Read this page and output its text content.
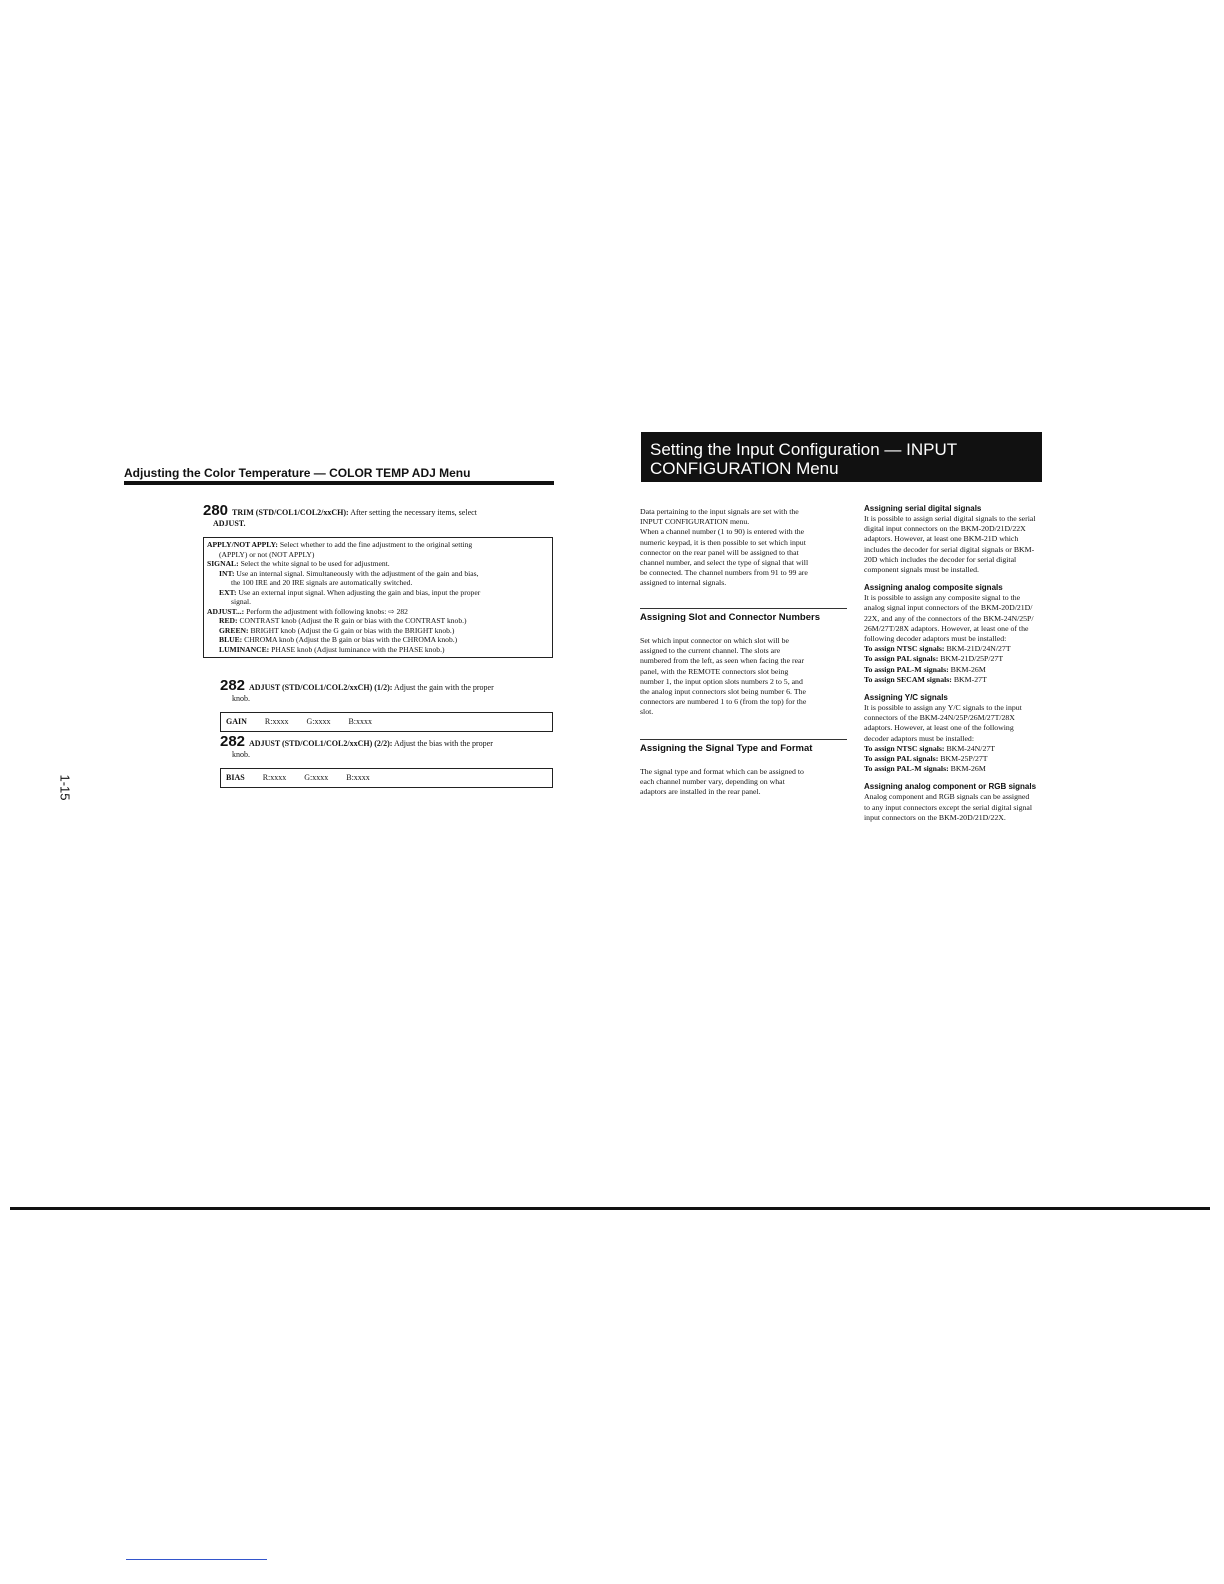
Adjusting the Color Temperature — COLOR TEMP ADJ Menu
280 TRIM (STD/COL1/COL2/xxCH): After setting the necessary items, select
ADJUST.
APPLY/NOT APPLY: Select whether to add the fine adjustment to the original setting
(APPLY) or not (NOT APPLY)
SIGNAL: Select the white signal to be used for adjustment.
INT: Use an internal signal. Simultaneously with the adjustment of the gain and bias,
the 100 IRE and 20 IRE signals are automatically switched.
EXT: Use an external input signal. When adjusting the gain and bias, input the proper
signal.
ADJUST...: Perform the adjustment with following knobs: ⇨ 282
RED: CONTRAST knob (Adjust the R gain or bias with the CONTRAST knob.)
GREEN: BRIGHT knob (Adjust the G gain or bias with the BRIGHT knob.)
BLUE: CHROMA knob (Adjust the B gain or bias with the CHROMA knob.)
LUMINANCE: PHASE knob (Adjust luminance with the PHASE knob.)
282 ADJUST (STD/COL1/COL2/xxCH) (1/2): Adjust the gain with the proper
knob.
GAIN R:xxxx G:xxxx B:xxxx
282 ADJUST (STD/COL1/COL2/xxCH) (2/2): Adjust the bias with the proper
knob.
BIAS R:xxxx G:xxxx B:xxxx
1-15
Setting the Input Configuration — INPUT
CONFIGURATION Menu
Data pertaining to the input signals are set with the
INPUT CONFIGURATION menu.
When a channel number (1 to 90) is entered with the
numeric keypad, it is then possible to set which input
connector on the rear panel will be assigned to that
channel number, and select the type of signal that will
be connected. The channel numbers from 91 to 99 are
assigned to internal signals.
Assigning Slot and Connector Numbers
Set which input connector on which slot will be
assigned to the current channel. The slots are
numbered from the left, as seen when facing the rear
panel, with the REMOTE connectors slot being
number 1, the input option slots numbers 2 to 5, and
the analog input connectors slot being number 6. The
connectors are numbered 1 to 6 (from the top) for the
slot.
Assigning the Signal Type and Format
The signal type and format which can be assigned to
each channel number vary, depending on what
adaptors are installed in the rear panel.
Assigning serial digital signals
It is possible to assign serial digital signals to the serial
digital input connectors on the BKM-20D/21D/22X
adaptors. However, at least one BKM-21D which
includes the decoder for serial digital signals or BKM-
20D which includes the decoder for serial digital
component signals must be installed.
Assigning analog composite signals
It is possible to assign any composite signal to the
analog signal input connectors of the BKM-20D/21D/
22X, and any of the connectors of the BKM-24N/25P/
26M/27T/28X adaptors. However, at least one of the
following decoder adaptors must be installed:
To assign NTSC signals: BKM-21D/24N/27T
To assign PAL signals: BKM-21D/25P/27T
To assign PAL-M signals: BKM-26M
To assign SECAM signals: BKM-27T
Assigning Y/C signals
It is possible to assign any Y/C signals to the input
connectors of the BKM-24N/25P/26M/27T/28X
adaptors. However, at least one of the following
decoder adaptors must be installed:
To assign NTSC signals: BKM-24N/27T
To assign PAL signals: BKM-25P/27T
To assign PAL-M signals: BKM-26M
Assigning analog component or RGB signals
Analog component and RGB signals can be assigned
to any input connectors except the serial digital signal
input connectors on the BKM-20D/21D/22X.
